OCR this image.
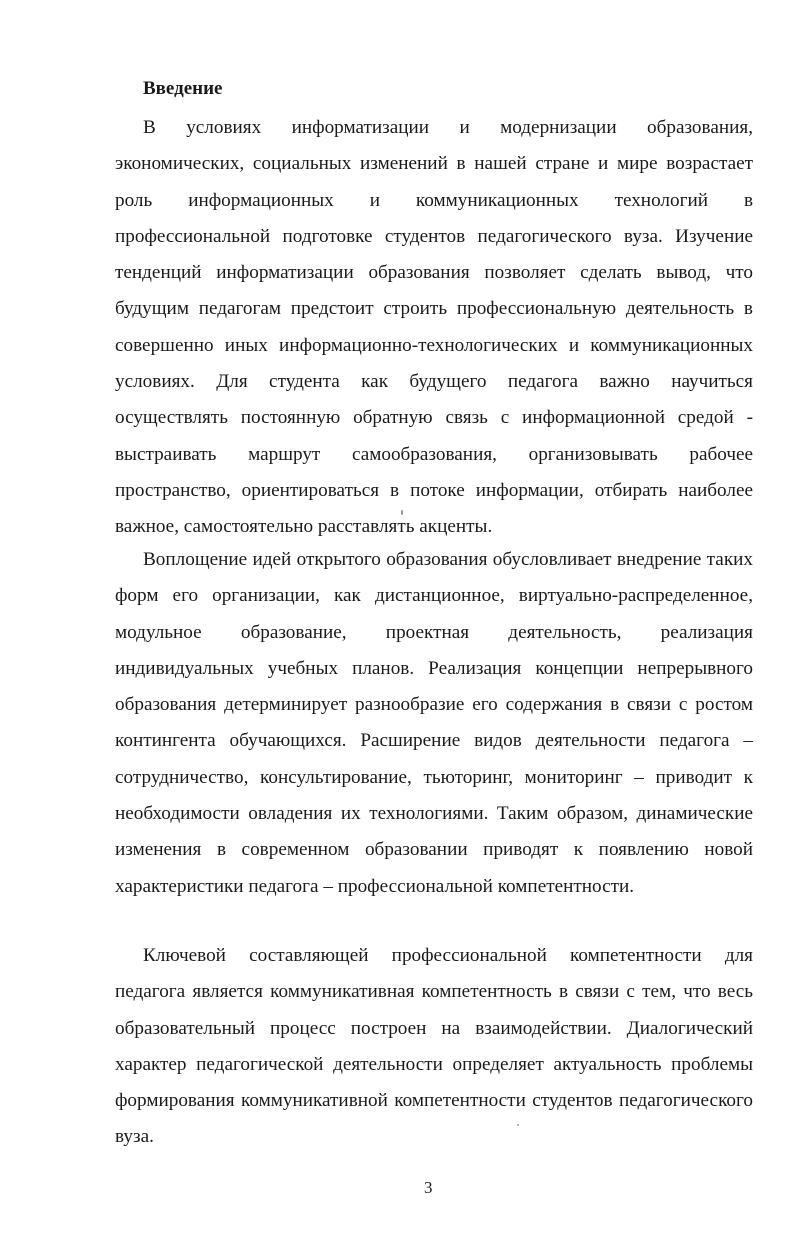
Введение

В условиях информатизации и модернизации образования, экономических, социальных изменений в нашей стране и мире возрастает роль информационных и коммуникационных технологий в профессиональной подготовке студентов педагогического вуза. Изучение тенденций информатизации образования позволяет сделать вывод, что будущим педагогам предстоит строить профессиональную деятельность в совершенно иных информационно-технологических и коммуникационных условиях. Для студента как будущего педагога важно научиться осуществлять постоянную обратную связь с информационной средой - выстраивать маршрут самообразования, организовывать рабочее пространство, ориентироваться в потоке информации, отбирать наиболее важное, самостоятельно расставлять акценты.

Воплощение идей открытого образования обусловливает внедрение таких форм его организации, как дистанционное, виртуально-распределенное, модульное образование, проектная деятельность, реализация индивидуальных учебных планов. Реализация концепции непрерывного образования детерминирует разнообразие его содержания в связи с ростом контингента обучающихся. Расширение видов деятельности педагога – сотрудничество, консультирование, тьюторинг, мониторинг – приводит к необходимости овладения их технологиями. Таким образом, динамические изменения в современном образовании приводят к появлению новой характеристики педагога – профессиональной компетентности.

Ключевой составляющей профессиональной компетентности для педагога является коммуникативная компетентность в связи с тем, что весь образовательный процесс построен на взаимодействии. Диалогический характер педагогической деятельности определяет актуальность проблемы формирования коммуникативной компетентности студентов педагогического вуза.

3
